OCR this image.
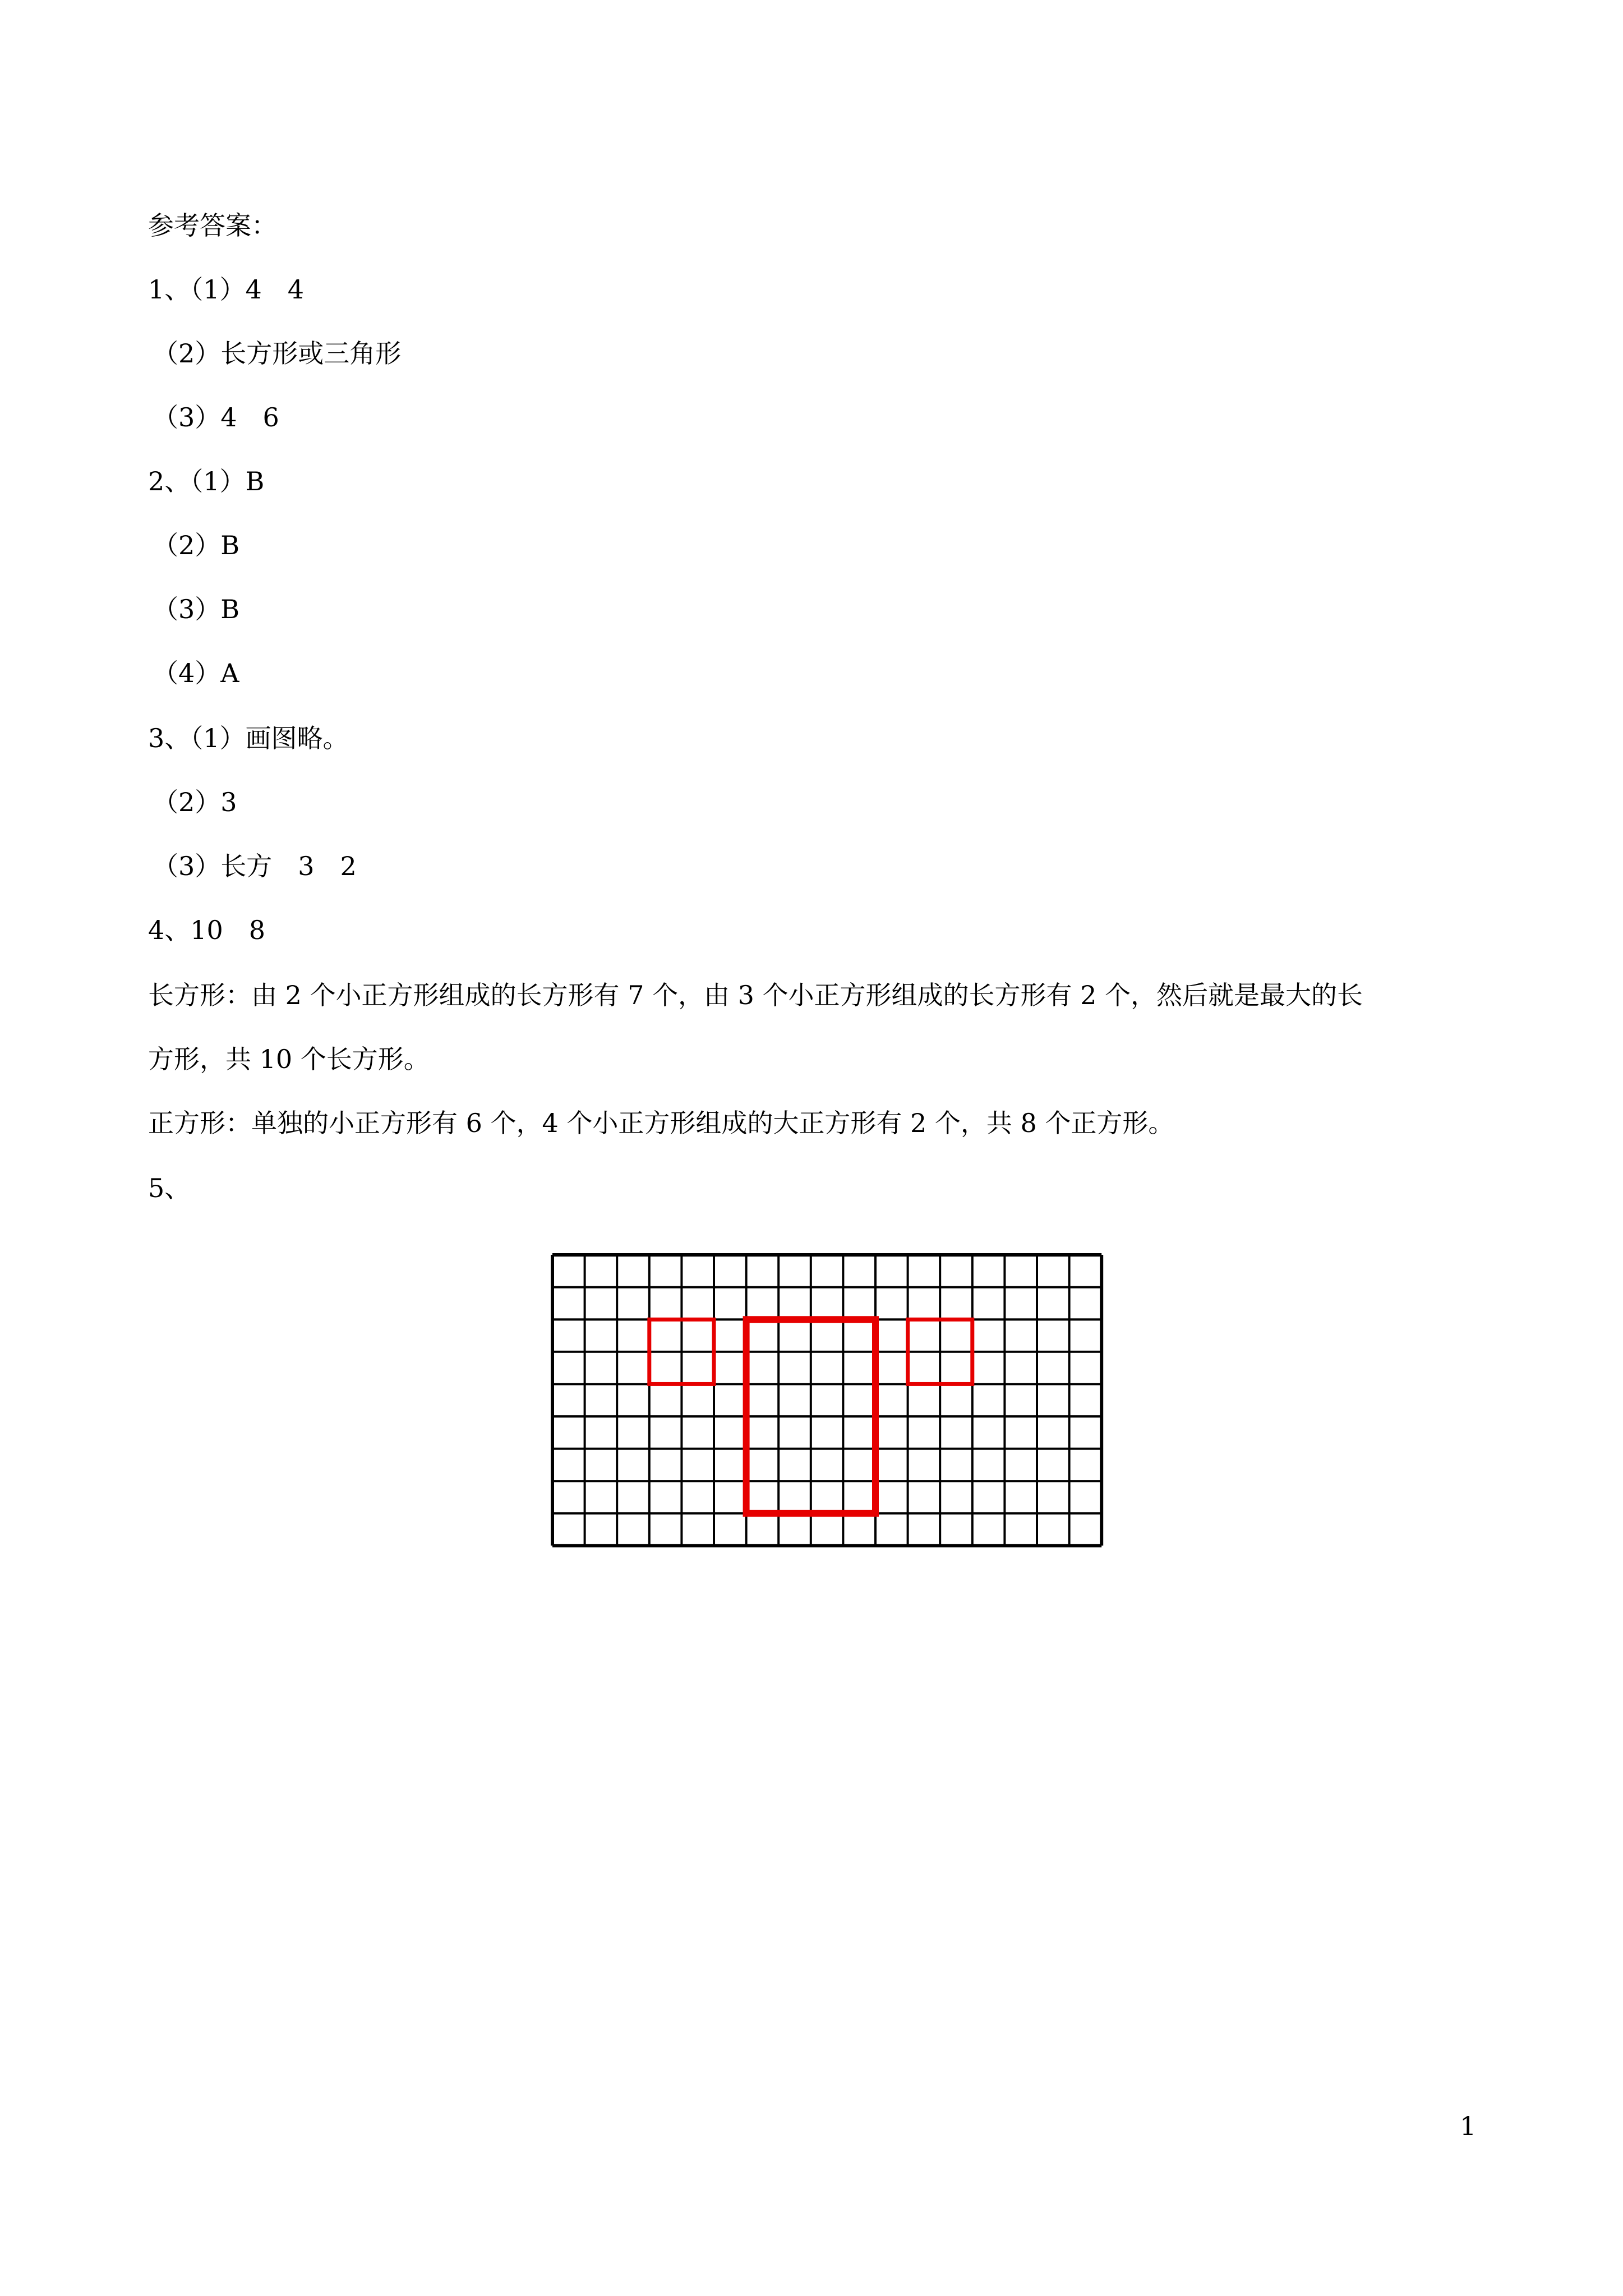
参考答案：
1、（1）4　4
（2）长方形或三角形
（3）4　6
2、（1）B
（2）B
（3）B
（4）A
3、（1）画图略。
（2）3
（3）长方　3　2
4、10　8
长方形：由 2 个小正方形组成的长方形有 7 个，由 3 个小正方形组成的长方形有 2 个，然后就是最大的长
方形，共 10 个长方形。
正方形：单独的小正方形有 6 个，4 个小正方形组成的大正方形有 2 个，共 8 个正方形。
5、
1
